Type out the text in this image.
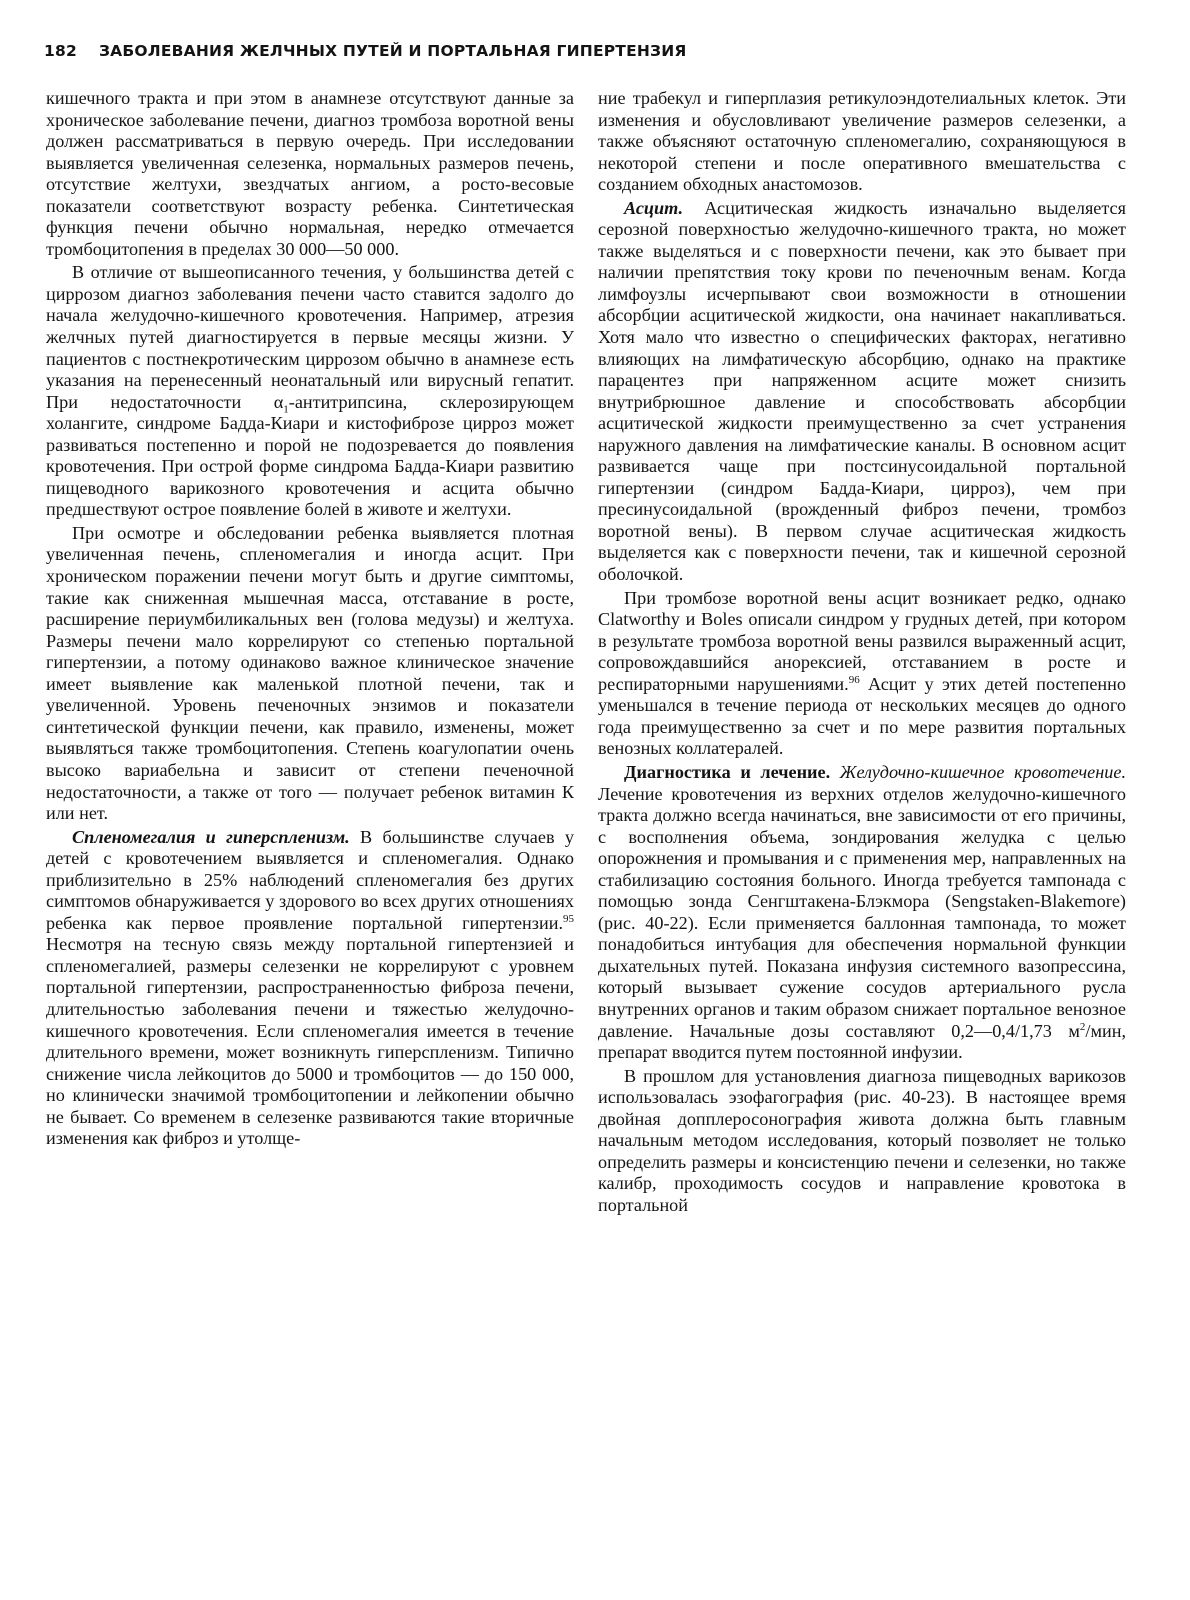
182 ЗАБОЛЕВАНИЯ ЖЕЛЧНЫХ ПУТЕЙ И ПОРТАЛЬНАЯ ГИПЕРТЕНЗИЯ

кишечного тракта и при этом в анамнезе отсутствуют данные за хроническое заболевание печени, диагноз тромбоза воротной вены должен рассматриваться в первую очередь. При исследовании выявляется увеличенная селезенка, нормальных размеров печень, отсутствие желтухи, звездчатых ангиом, а росто-весовые показатели соответствуют возрасту ребенка. Синтетическая функция печени обычно нормальная, нередко отмечается тромбоцитопения в пределах 30 000—50 000.

В отличие от вышеописанного течения, у большинства детей с циррозом диагноз заболевания печени часто ставится задолго до начала желудочно-кишечного кровотечения. Например, атрезия желчных путей диагностируется в первые месяцы жизни. У пациентов с постнекротическим циррозом обычно в анамнезе есть указания на перенесенный неонатальный или вирусный гепатит. При недостаточности $\alpha_1$-антитрипсина, склерозирующем холангите, синдроме Бадда-Киари и кистофиброзе цирроз может развиваться постепенно и порой не подозревается до появления кровотечения. При острой форме синдрома Бадда-Киари развитию пищеводного варикозного кровотечения и асцита обычно предшествуют острое появление болей в животе и желтухи.

При осмотре и обследовании ребенка выявляется плотная увеличенная печень, спленомегалия и иногда асцит. При хроническом поражении печени могут быть и другие симптомы, такие как сниженная мышечная масса, отставание в росте, расширение периумбиликальных вен (голова медузы) и желтуха. Размеры печени мало коррелируют со степенью портальной гипертензии, а потому одинаково важное клиническое значение имеет выявление как маленькой плотной печени, так и увеличенной. Уровень печеночных энзимов и показатели синтетической функции печени, как правило, изменены, может выявляться также тромбоцитопения. Степень коагулопатии очень высоко вариабельна и зависит от степени печеночной недостаточности, а также от того — получает ребенок витамин К или нет.

Спленомегалия и гиперспленизм. В большинстве случаев у детей с кровотечением выявляется и спленомегалия. Однако приблизительно в 25% наблюдений спленомегалия без других симптомов обнаруживается у здорового во всех других отношениях ребенка как первое проявление портальной гипертензии.$^{95}$ Несмотря на тесную связь между портальной гипертензией и спленомегалией, размеры селезенки не коррелируют с уровнем портальной гипертензии, распространенностью фиброза печени, длительностью заболевания печени и тяжестью желудочно-кишечного кровотечения. Если спленомегалия имеется в течение длительного времени, может возникнуть гиперспленизм. Типично снижение числа лейкоцитов до 5000 и тромбоцитов — до 150 000, но клинически значимой тромбоцитопении и лейкопении обычно не бывает. Со временем в селезенке развиваются такие вторичные изменения как фиброз и утолще-

ние трабекул и гиперплазия ретикулоэндотелиальных клеток. Эти изменения и обусловливают увеличение размеров селезенки, а также объясняют остаточную спленомегалию, сохраняющуюся в некоторой степени и после оперативного вмешательства с созданием обходных анастомозов.

Асцит. Асцитическая жидкость изначально выделяется серозной поверхностью желудочно-кишечного тракта, но может также выделяться и с поверхности печени, как это бывает при наличии препятствия току крови по печеночным венам. Когда лимфоузлы исчерпывают свои возможности в отношении абсорбции асцитической жидкости, она начинает накапливаться. Хотя мало что известно о специфических факторах, негативно влияющих на лимфатическую абсорбцию, однако на практике парацентез при напряженном асците может снизить внутрибрюшное давление и способствовать абсорбции асцитической жидкости преимущественно за счет устранения наружного давления на лимфатические каналы. В основном асцит развивается чаще при постсинусоидальной портальной гипертензии (синдром Бадда-Киари, цирроз), чем при пресинусоидальной (врожденный фиброз печени, тромбоз воротной вены). В первом случае асцитическая жидкость выделяется как с поверхности печени, так и кишечной серозной оболочкой.

При тромбозе воротной вены асцит возникает редко, однако Clatworthy и Boles описали синдром у грудных детей, при котором в результате тромбоза воротной вены развился выраженный асцит, сопровождавшийся анорексией, отставанием в росте и респираторными нарушениями.$^{96}$ Асцит у этих детей постепенно уменьшался в течение периода от нескольких месяцев до одного года преимущественно за счет и по мере развития портальных венозных коллатералей.

Диагностика и лечение. Желудочно-кишечное кровотечение. Лечение кровотечения из верхних отделов желудочно-кишечного тракта должно всегда начинаться, вне зависимости от его причины, с восполнения объема, зондирования желудка с целью опорожнения и промывания и с применения мер, направленных на стабилизацию состояния больного. Иногда требуется тампонада с помощью зонда Сенгштакена-Блэкмора (Sengstaken-Blakemore) (рис. 40-22). Если применяется баллонная тампонада, то может понадобиться интубация для обеспечения нормальной функции дыхательных путей. Показана инфузия системного вазопрессина, который вызывает сужение сосудов артериального русла внутренних органов и таким образом снижает портальное венозное давление. Начальные дозы составляют 0,2—0,4/1,73 $м^2$/мин, препарат вводится путем постоянной инфузии.

В прошлом для установления диагноза пищеводных варикозов использовалась эзофагография (рис. 40-23). В настоящее время двойная допплеросонография живота должна быть главным начальным методом исследования, который позволяет не только определить размеры и консистенцию печени и селезенки, но также калибр, проходимость сосудов и направление кровотока в портальной
